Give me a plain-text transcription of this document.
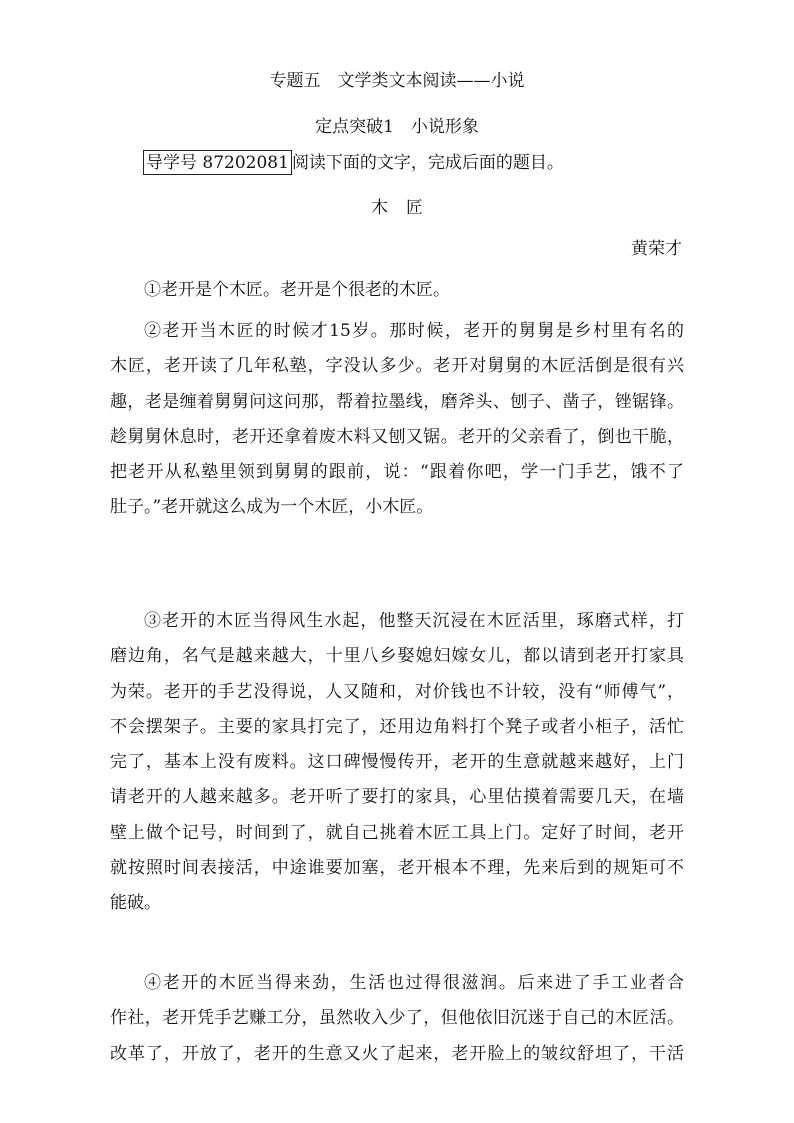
专题五　文学类文本阅读——小说
定点突破1　小说形象
导学号 87202081 阅读下面的文字，完成后面的题目。
木 匠
黄荣才
①老开是个木匠。老开是个很老的木匠。
②老开当木匠的时候才15岁。那时候，老开的舅舅是乡村里有名的
木匠，老开读了几年私塾，字没认多少。老开对舅舅的木匠活倒是很有兴
趣，老是缠着舅舅问这问那，帮着拉墨线，磨斧头、刨子、凿子，锉锯锋。
趁舅舅休息时，老开还拿着废木料又刨又锯。老开的父亲看了，倒也干脆，
把老开从私塾里领到舅舅的跟前，说：“跟着你吧，学一门手艺，饿不了
肚子。”老开就这么成为一个木匠，小木匠。
③老开的木匠当得风生水起，他整天沉浸在木匠活里，琢磨式样，打
磨边角，名气是越来越大，十里八乡娶媳妇嫁女儿，都以请到老开打家具
为荣。老开的手艺没得说，人又随和，对价钱也不计较，没有“师傅气”，
不会摆架子。主要的家具打完了，还用边角料打个凳子或者小柜子，活忙
完了，基本上没有废料。这口碑慢慢传开，老开的生意就越来越好，上门
请老开的人越来越多。老开听了要打的家具，心里估摸着需要几天，在墙
壁上做个记号，时间到了，就自己挑着木匠工具上门。定好了时间，老开
就按照时间表接活，中途谁要加塞，老开根本不理，先来后到的规矩可不
能破。
④老开的木匠当得来劲，生活也过得很滋润。后来进了手工业者合
作社，老开凭手艺赚工分，虽然收入少了，但他依旧沉迷于自己的木匠活。
改革了，开放了，老开的生意又火了起来，老开脸上的皱纹舒坦了，干活
